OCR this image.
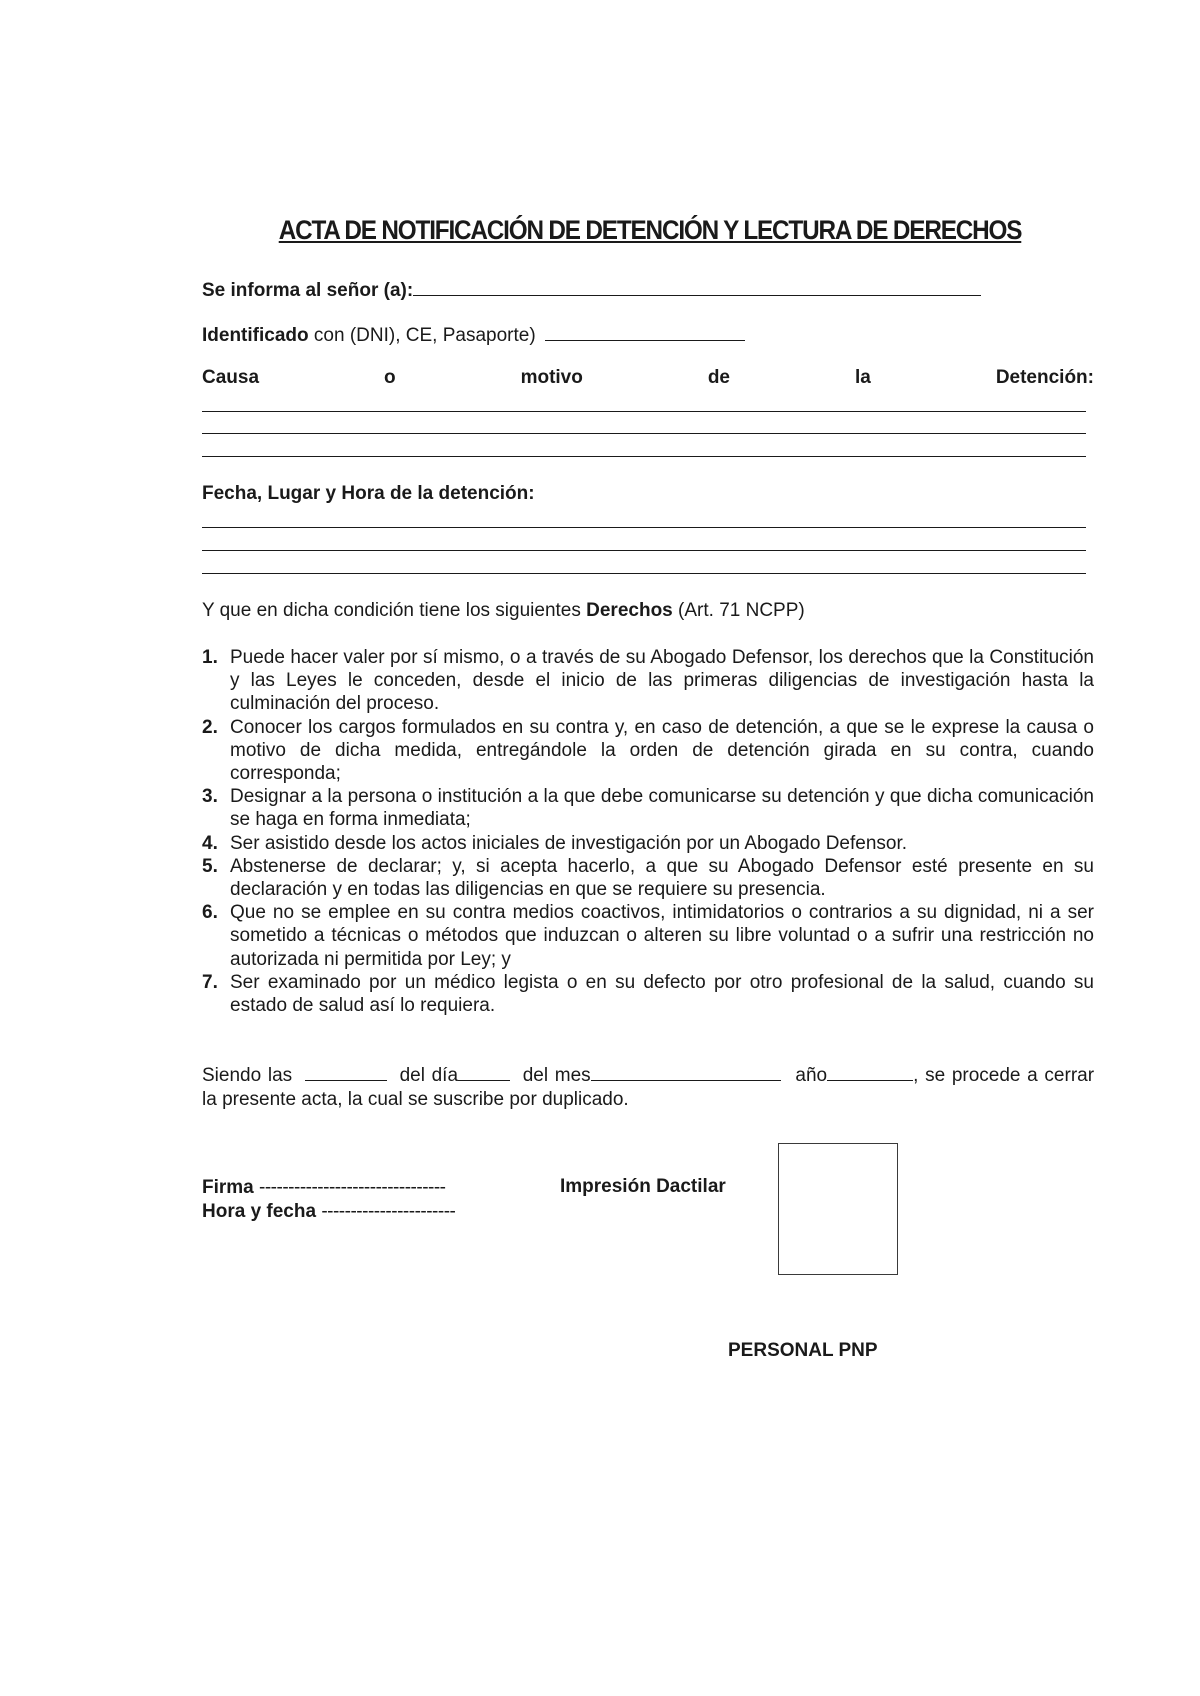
ACTA DE NOTIFICACIÓN DE DETENCIÓN Y LECTURA DE DERECHOS
Se informa al señor (a):
Identificado con (DNI), CE, Pasaporte)
Causa	o	motivo	de	la	Detención:
Fecha, Lugar y Hora de la detención:
Y que en dicha condición tiene los siguientes Derechos (Art. 71 NCPP)
1. Puede hacer valer por sí mismo, o a través de su Abogado Defensor, los derechos que la Constitución y las Leyes le conceden, desde el inicio de las primeras diligencias de investigación hasta la culminación del proceso.
2. Conocer los cargos formulados en su contra y, en caso de detención, a que se le exprese la causa o motivo de dicha medida, entregándole la orden de detención girada en su contra, cuando corresponda;
3. Designar a la persona o institución a la que debe comunicarse su detención y que dicha comunicación se haga en forma inmediata;
4. Ser asistido desde los actos iniciales de investigación por un Abogado Defensor.
5. Abstenerse de declarar; y, si acepta hacerlo, a que su Abogado Defensor esté presente en su declaración y en todas las diligencias en que se requiere su presencia.
6. Que no se emplee en su contra medios coactivos, intimidatorios o contrarios a su dignidad, ni a ser sometido a técnicas o métodos que induzcan o alteren su libre voluntad o a sufrir una restricción no autorizada ni permitida por Ley; y
7. Ser examinado por un médico legista o en su defecto por otro profesional de la salud, cuando su estado de salud así lo requiera.
Siendo las	del día	del mes	año	, se procede a cerrar la presente acta, la cual se suscribe por duplicado.
Firma --------------------------------
Hora y fecha -----------------------
Impresión Dactilar
PERSONAL PNP
